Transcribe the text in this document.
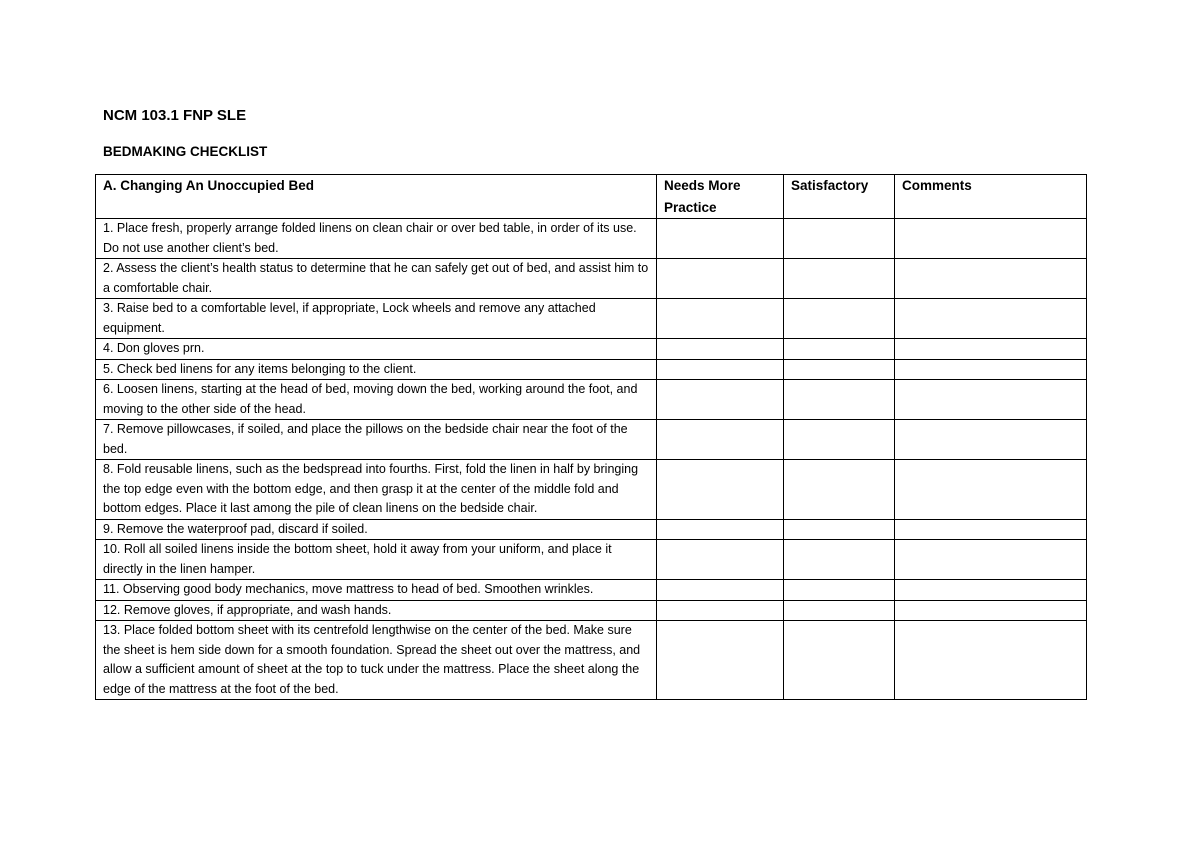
NCM 103.1 FNP SLE
BEDMAKING CHECKLIST
A. Changing An Unoccupied Bed	Needs More Practice	Satisfactory	Comments
1. Place fresh, properly arrange folded linens on clean chair or over bed table, in order of its use. Do not use another client’s bed.			
2. Assess the client’s health status to determine that he can safely get out of bed, and assist him to a comfortable chair.			
3. Raise bed to a comfortable level, if appropriate, Lock wheels and remove any attached equipment.			
4. Don gloves prn.			
5. Check bed linens for any items belonging to the client.			
6. Loosen linens, starting at the head of bed, moving down the bed, working around the foot, and moving to the other side of the head.			
7. Remove pillowcases, if soiled, and place the pillows on the bedside chair near the foot of the bed.			
8. Fold reusable linens, such as the bedspread into fourths. First, fold the linen in half by bringing the top edge even with the bottom edge, and then grasp it at the center of the middle fold and bottom edges. Place it last among the pile of clean linens on the bedside chair.			
9. Remove the waterproof pad, discard if soiled.			
10. Roll all soiled linens inside the bottom sheet, hold it away from your uniform, and place it directly in the linen hamper.			
11. Observing good body mechanics, move mattress to head of bed. Smoothen wrinkles.			
12. Remove gloves, if appropriate, and wash hands.			
13. Place folded bottom sheet with its centrefold lengthwise on the center of the bed. Make sure the sheet is hem side down for a smooth foundation. Spread the sheet out over the mattress, and allow a sufficient amount of sheet at the top to tuck under the mattress. Place the sheet along the edge of the mattress at the foot of the bed.			
